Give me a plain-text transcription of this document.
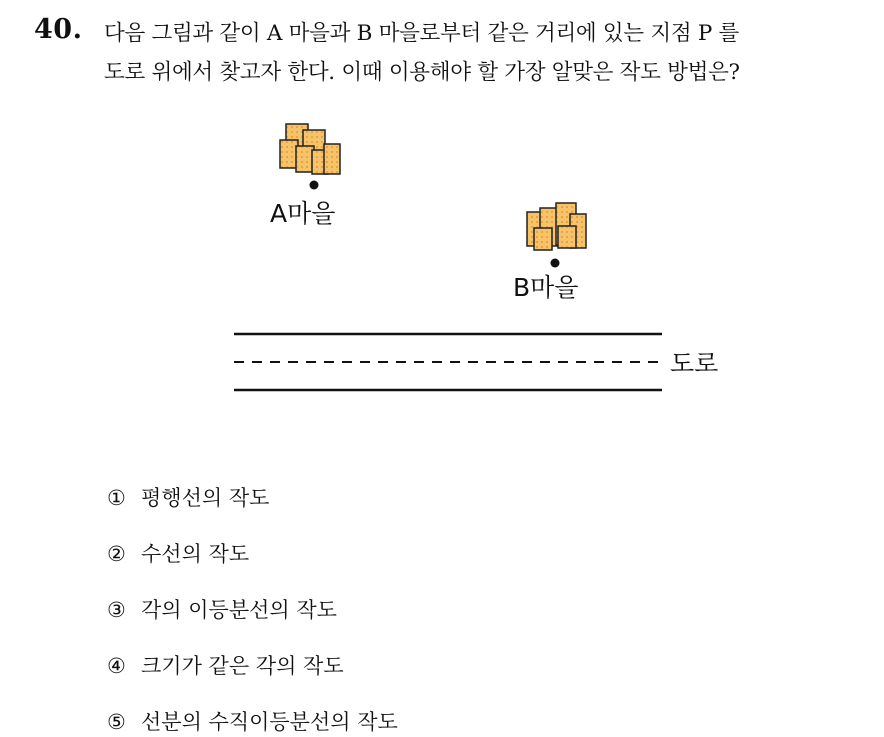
40. 다음 그림과 같이 A 마을과 B 마을로부터 같은 거리에 있는 지점 P 를
도로 위에서 찾고자 한다. 이때 이용해야 할 가장 알맞은 작도 방법은?
A마을
B마을
도로
① 평행선의 작도
② 수선의 작도
③ 각의 이등분선의 작도
④ 크기가 같은 각의 작도
⑤ 선분의 수직이등분선의 작도
